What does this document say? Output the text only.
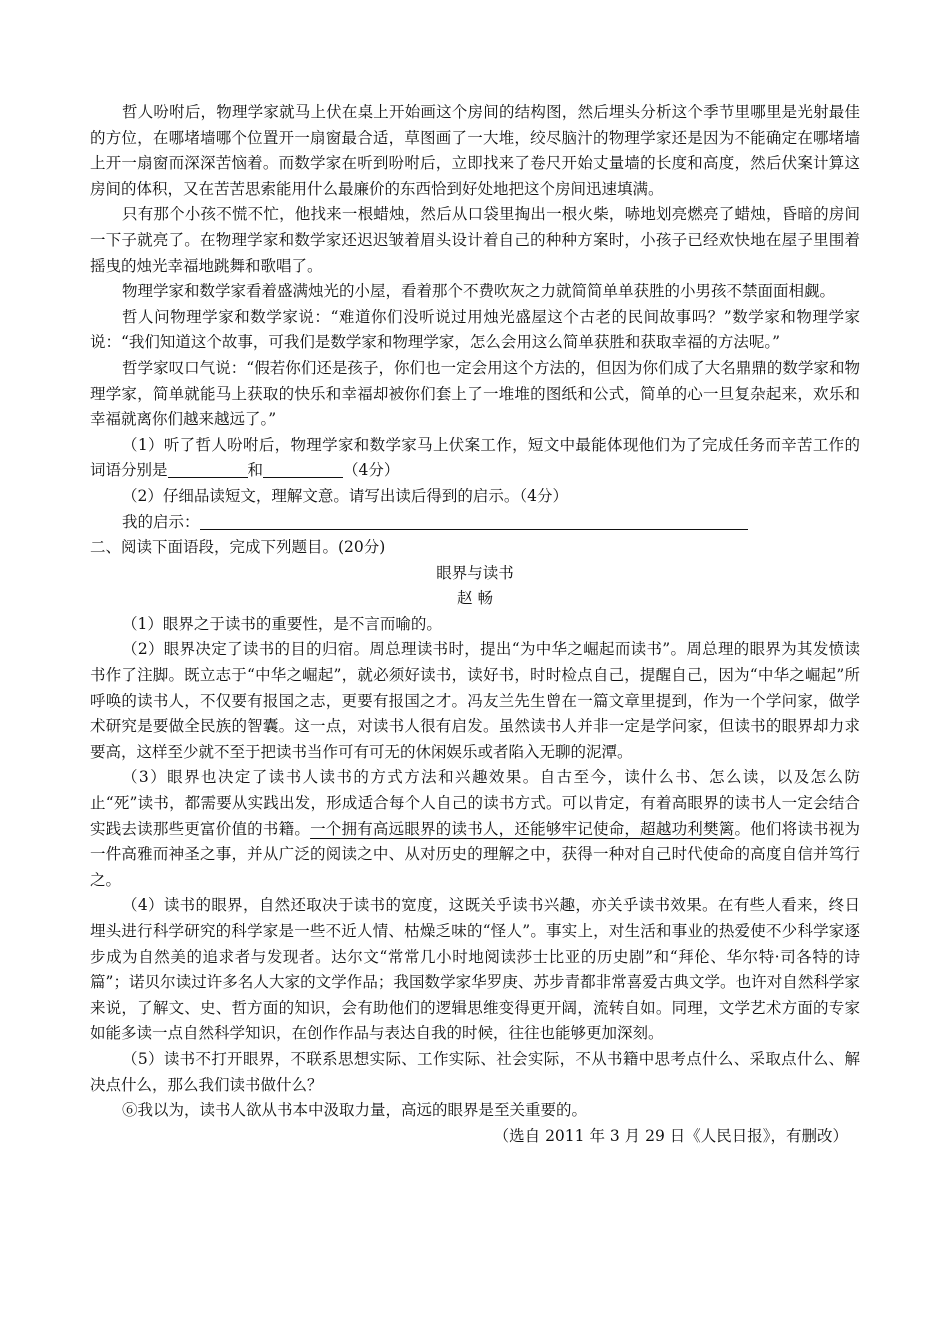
哲人吩咐后，物理学家就马上伏在桌上开始画这个房间的结构图，然后埋头分析这个季节里哪里是光射最佳的方位，在哪堵墙哪个位置开一扇窗最合适，草图画了一大堆，绞尽脑汁的物理学家还是因为不能确定在哪堵墙上开一扇窗而深深苦恼着。而数学家在听到吩咐后，立即找来了卷尺开始丈量墙的长度和高度，然后伏案计算这房间的体积，又在苦苦思索能用什么最廉价的东西恰到好处地把这个房间迅速填满。

只有那个小孩不慌不忙，他找来一根蜡烛，然后从口袋里掏出一根火柴，哧地划亮燃亮了蜡烛，昏暗的房间一下子就亮了。在物理学家和数学家还迟迟皱着眉头设计着自己的种种方案时，小孩子已经欢快地在屋子里围着摇曳的烛光幸福地跳舞和歌唱了。

物理学家和数学家看着盛满烛光的小屋，看着那个不费吹灰之力就简简单单获胜的小男孩不禁面面相觑。

哲人问物理学家和数学家说：“难道你们没听说过用烛光盛屋这个古老的民间故事吗？”数学家和物理学家说：“我们知道这个故事，可我们是数学家和物理学家，怎么会用这么简单获胜和获取幸福的方法呢。”

哲学家叹口气说：“假若你们还是孩子，你们也一定会用这个方法的，但因为你们成了大名鼎鼎的数学家和物理学家，简单就能马上获取的快乐和幸福却被你们套上了一堆堆的图纸和公式，简单的心一旦复杂起来，欢乐和幸福就离你们越来越远了。”

（1）听了哲人吩咐后，物理学家和数学家马上伏案工作，短文中最能体现他们为了完成任务而辛苦工作的词语分别是	和	（4分）

（2）仔细品读短文，理解文意。请写出读后得到的启示。（4分）

我的启示：

二、阅读下面语段，完成下列题目。(20分)

眼界与读书

赵 畅

（1）眼界之于读书的重要性，是不言而喻的。

（2）眼界决定了读书的目的归宿。周总理读书时，提出“为中华之崛起而读书”。周总理的眼界为其发愤读书作了注脚。既立志于“中华之崛起”，就必须好读书，读好书，时时检点自己，提醒自己，因为“中华之崛起”所呼唤的读书人，不仅要有报国之志，更要有报国之才。冯友兰先生曾在一篇文章里提到，作为一个学问家，做学术研究是要做全民族的智囊。这一点，对读书人很有启发。虽然读书人并非一定是学问家，但读书的眼界却力求要高，这样至少就不至于把读书当作可有可无的休闲娱乐或者陷入无聊的泥潭。

（3）眼界也决定了读书人读书的方式方法和兴趣效果。自古至今，读什么书、怎么读，以及怎么防止“死”读书，都需要从实践出发，形成适合每个人自己的读书方式。可以肯定，有着高眼界的读书人一定会结合实践去读那些更富价值的书籍。一个拥有高远眼界的读书人，还能够牢记使命，超越功利樊篱。他们将读书视为一件高雅而神圣之事，并从广泛的阅读之中、从对历史的理解之中，获得一种对自己时代使命的高度自信并笃行之。

（4）读书的眼界，自然还取决于读书的宽度，这既关乎读书兴趣，亦关乎读书效果。在有些人看来，终日埋头进行科学研究的科学家是一些不近人情、枯燥乏味的“怪人”。事实上，对生活和事业的热爱使不少科学家逐步成为自然美的追求者与发现者。达尔文“常常几小时地阅读莎士比亚的历史剧”和“拜伦、华尔特·司各特的诗篇”；诺贝尔读过许多名人大家的文学作品；我国数学家华罗庚、苏步青都非常喜爱古典文学。也许对自然科学家来说，了解文、史、哲方面的知识，会有助他们的逻辑思维变得更开阔，流转自如。同理，文学艺术方面的专家如能多读一点自然科学知识，在创作作品与表达自我的时候，往往也能够更加深刻。

（5）读书不打开眼界，不联系思想实际、工作实际、社会实际，不从书籍中思考点什么、采取点什么、解决点什么，那么我们读书做什么？

⑥我以为，读书人欲从书本中汲取力量，高远的眼界是至关重要的。

（选自 2011 年 3 月 29 日《人民日报》，有删改）
